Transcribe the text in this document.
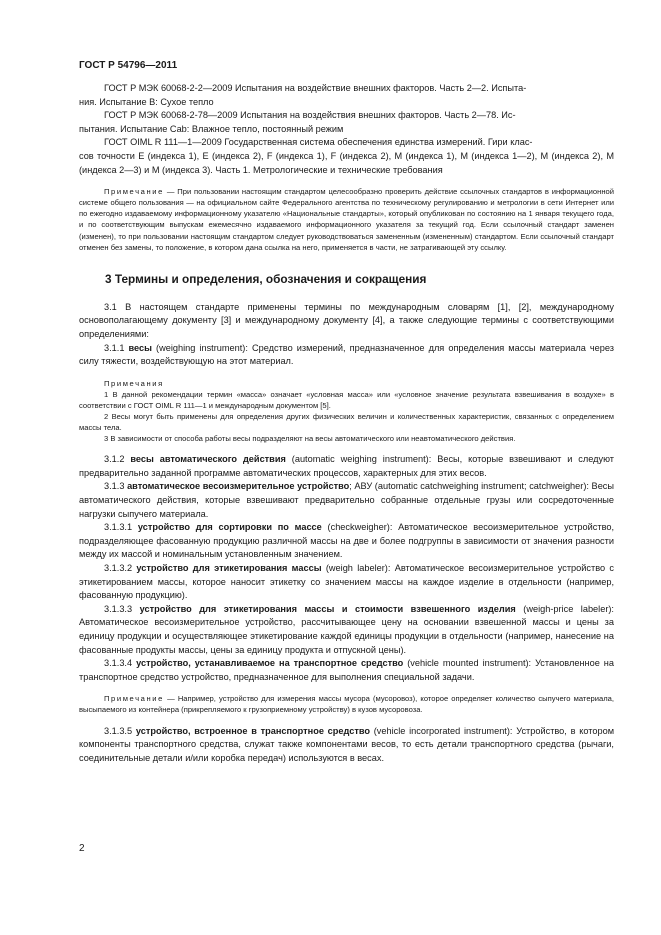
ГОСТ Р 54796—2011

ГОСТ Р МЭК 60068-2-2—2009 Испытания на воздействие внешних факторов. Часть 2—2. Испыта-
ния. Испытание В: Сухое тепло

ГОСТ Р МЭК 60068-2-78—2009 Испытания на воздействия внешних факторов. Часть 2—78. Ис-
пытания. Испытание Cab: Влажное тепло, постоянный режим

ГОСТ OIML R 111—1—2009 Государственная система обеспечения единства измерений. Гири клас-
сов точности E (индекса 1), E (индекса 2), F (индекса 1), F (индекса 2), M (индекса 1), M (индекса 1—2), M (индекса 2), M (индекса 2—3) и M (индекса 3). Часть 1. Метрологические и технические требования

Примечание — При пользовании настоящим стандартом целесообразно проверить действие ссылочных стандартов в информационной системе общего пользования — на официальном сайте Федерального агентства по техническому регулированию и метрологии в сети Интернет или по ежегодно издаваемому информационному указателю «Национальные стандарты», который опубликован по состоянию на 1 января текущего года, и по соответствующим выпускам ежемесячно издаваемого информационного указателя за текущий год. Если ссылочный стандарт заменен (изменен), то при пользовании настоящим стандартом следует руководствоваться замененным (измененным) стандартом. Если ссылочный стандарт отменен без замены, то положение, в котором дана ссылка на него, применяется в части, не затрагивающей эту ссылку.

3 Термины и определения, обозначения и сокращения

3.1 В настоящем стандарте применены термины по международным словарям [1], [2], международному основополагающему документу [3] и международному документу [4], а также следующие термины с соответствующими определениями:

3.1.1 весы (weighing instrument): Средство измерений, предназначенное для определения массы материала через силу тяжести, воздействующую на этот материал.

Примечания

1 В данной рекомендации термин «масса» означает «условная масса» или «условное значение результата взвешивания в воздухе» в соответствии с ГОСТ OIML R 111—1 и международным документом [5].

2 Весы могут быть применены для определения других физических величин и количественных характеристик, связанных с определением массы тела.

3 В зависимости от способа работы весы подразделяют на весы автоматического или неавтоматического действия.

3.1.2 весы автоматического действия (automatic weighing instrument): Весы, которые взвешивают и следуют предварительно заданной программе автоматических процессов, характерных для этих весов.

3.1.3 автоматическое весоизмерительное устройство; АВУ (automatic catchweighing instrument; catchweigher): Весы автоматического действия, которые взвешивают предварительно собранные отдельные грузы или сосредоточенные нагрузки сыпучего материала.

3.1.3.1 устройство для сортировки по массе (checkweigher): Автоматическое весоизмерительное устройство, подразделяющее фасованную продукцию различной массы на две и более подгруппы в зависимости от значения разности между их массой и номинальным установленным значением.

3.1.3.2 устройство для этикетирования массы (weigh labeler): Автоматическое весоизмерительное устройство с этикетированием массы, которое наносит этикетку со значением массы на каждое изделие в отдельности (например, фасованную продукцию).

3.1.3.3 устройство для этикетирования массы и стоимости взвешенного изделия (weigh-price labeler): Автоматическое весоизмерительное устройство, рассчитывающее цену на основании взвешенной массы и цены за единицу продукции и осуществляющее этикетирование каждой единицы продукции в отдельности (например, нанесение на фасованные продукты массы, цены за единицу продукта и отпускной цены).

3.1.3.4 устройство, устанавливаемое на транспортное средство (vehicle mounted instrument): Установленное на транспортное средство устройство, предназначенное для выполнения специальной задачи.

Примечание — Например, устройство для измерения массы мусора (мусоровоз), которое определяет количество сыпучего материала, высыпаемого из контейнера (прикрепляемого к грузоприемному устройству) в кузов мусоровоза.

3.1.3.5 устройство, встроенное в транспортное средство (vehicle incorporated instrument): Устройство, в котором компоненты транспортного средства, служат также компонентами весов, то есть детали транспортного средства (рычаги, соединительные детали и/или коробка передач) используются в весах.

2
